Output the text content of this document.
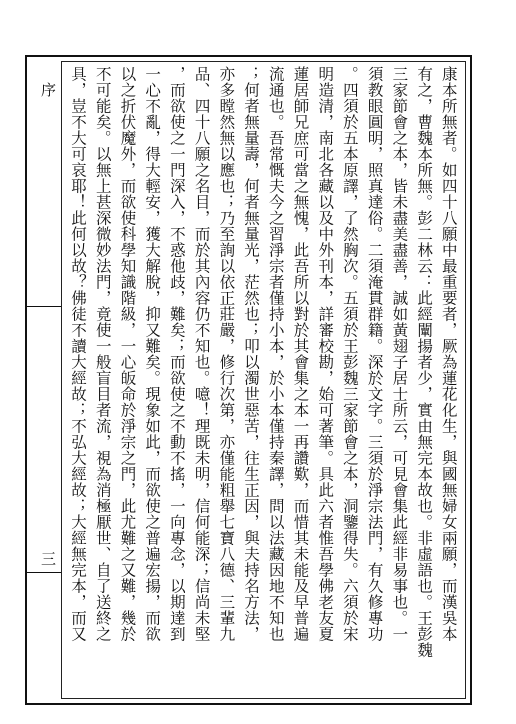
序
三	康本所無者。如四十八願中最重要者，厥為蓮花化生，與國無婦女兩願，而漢吳本
有之，曹魏本所無。彭二林云：此經闡揚者少，實由無完本故也。非虛語也。王彭魏
三家節會之本，皆未盡美盡善，誠如黃翅子居士所云，可見會集此經非易事也。一
須教眼圓明，照真達俗。二須淹貫群籍。深於文字。三須於淨宗法門，有久修專功
。四須於五本原譯，了然胸次。五須於王彭魏三家節會之本，洞鑒得失。六須於宋
明造清，南北各藏以及中外刊本，詳審校勘，始可著筆。具此六者惟吾學佛老友夏
蓮居師兄庶可當之無愧，此吾所以對於其會集之本一再讚歎，而惜其未能及早普遍
流通也。吾常慨夫今之習淨宗者僅持小本，於小本僅持秦譯，問以法藏因地不知也
；何者無量壽，何者無量光，茫然也；叩以濁世惡苦，往生正因，與夫持名方法，
亦多瞠然無以應也；乃至詢以依正莊嚴，修行次第，亦僅能粗舉七寶八德、三輩九
品、四十八願之名目，而於其內容仍不知也。噫！理既未明，信何能深；信尚未堅
，而欲使之一門深入，不惑他歧，難矣；而欲使之不動不搖，一向專念，以期達到
一心不亂，得大輕安，獲大解脫，抑又難矣。現象如此，而欲使之普遍宏揚，而欲
以之折伏魔外，而欲使科學知識階級，一心皈命於淨宗之門，此尤難之又難，幾於
不可能矣。以無上甚深微妙法門，竟使一般盲目者流，視為消極厭世、自了送終之
具，豈不大可哀耶！此何以故？佛徒不讀大經故；不弘大經故；大經無完本，而又
